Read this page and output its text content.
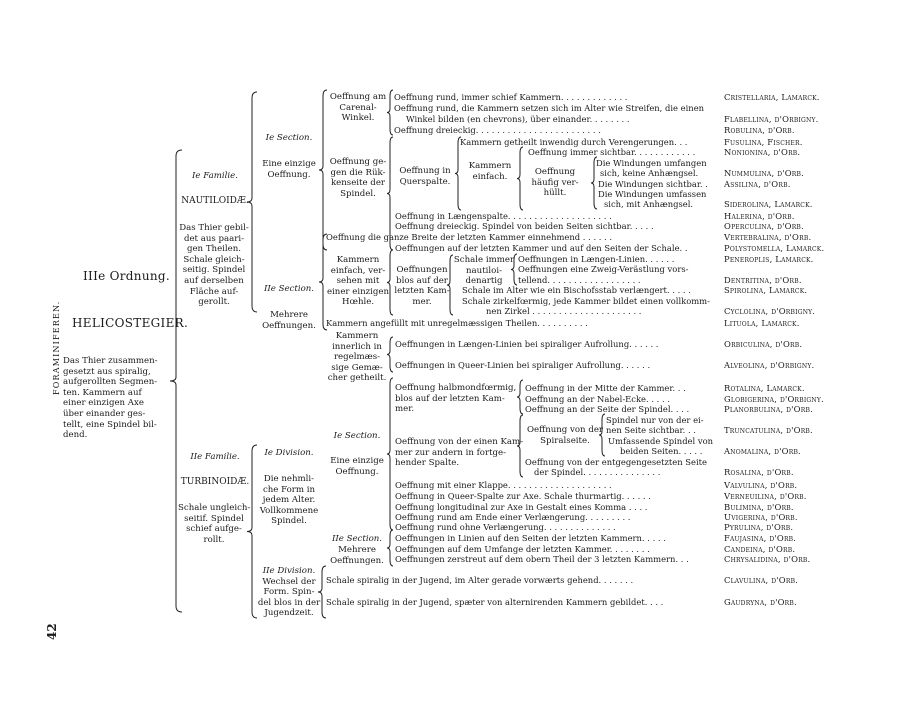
FORAMINIFEREN.
42
IIIe Ordnung.
HELICOSTEGIER.
Das Thier zusammen-
gesetzt aus spiralig,
aufgerollten Segmen-
ten. Kammern auf
einer einzigen Axe
über einander ges-
tellt, eine Spindel bil-
dend.
Ie Familie.
NAUTILOIDÆ.
Das Thier gebil-
det aus paari-
gen Theilen.
Schale gleich-
seitig. Spindel
auf derselben
Fläche auf-
gerollt.
IIe Familie.
TURBINOIDÆ.
Schale ungleich-
seitif. Spindel
schief aufge-
rollt.
Ie Section.
Eine einzige
Oeffnung.
IIe Section.
Mehrere
Oeffnungen.
Ie Division.
Die nehmli-
che Form in
jedem Alter.
Vollkommene
Spindel.
IIe Division.
Wechsel der
Form. Spin-
del blos in der
Jugendzeit.
Ie Section.
Eine einzige
Oeffnung.
IIe Section.
Mehrere
Oeffnungen.
Oeffnung am
Carenal-
Winkel.
Oeffnung ge-
gen die Rük-
kenseite der
Spindel.
Oeffnung in
Querspalte.
Kammern
einfach.	Oeffnung
häufig ver-
hüllt.
Kammern
einfach, ver-
sehen mit
einer einzigen
Hœhle.
Oeffnungen
blos auf der
letzten Kam-
mer.
Schale immer
nautiloi-
denartig
Kammern
innerlich in
regelmæs-
sige Gemæ-
cher getheilt.
Oeffnung halbmondfœrmig,
blos auf der letzten Kam-
mer.
Oeffnung von der einen Kam-
mer zur andern in fortge-
hender Spalte.
Oeffnung von der
Spiralseite.
Oeffnung rund, immer schief Kammern. . . . . . . . . . . . .	Cristellaria, Lamarck.
Oeffnung rund, die Kammern setzen sich im Alter wie Streifen, die einen
Winkel bilden (en chevrons), über einander. . . . . . . .	Flabellina, d'Orbigny.
Oeffnung dreieckig. . . . . . . . . . . . . . . . . . . . . . . .	Robulina, d'Orb.
Kammern getheilt inwendig durch Verengerungen. . .	Fusulina, Fischer.
Oeffnung immer sichtbar. . . . . . . . . . . .	Nonionina, d'Orb.
Die Windungen umfangen
sich, keine Anhængsel.	Nummulina, d'Orb.
Die Windungen sichtbar. . Assilina, d'Orb.
Die Windungen umfassen
sich, mit Anhængsel.	Siderolina, Lamarck.
Oeffnung in Længenspalte. . . . . . . . . . . . . . . . . . . .	Halerina, d'Orb.
Oeffnung dreieckig. Spindel von beiden Seiten sichtbar. . . . .	Operculina, d'Orb.
Oeffnung die ganze Breite der letzten Kammer einnehmend . . . . . .	Vertebralina, d'Orb.
Oeffnungen auf der letzten Kammer und auf den Seiten der Schale. .	Polystomella, Lamarck.
Oeffnungen in Længen-Linien. . . . . .	Peneroplis, Lamarck.
Oeffnungen eine Zweig-Verästlung vors-
tellend. . . . . . . . . . . . . . . . . .	Dentritina, d'Orb.
Schale im Alter wie ein Bischofsstab verlængert. . . . .	Spirolina, Lamarck.
Schale zirkelfœrmig, jede Kammer bildet einen vollkomm-
nen Zirkel . . . . . . . . . . . . . . . . . . . . .	Cyclolina, d'Orbigny.
Kammern angefüllt mit unregelmæssigen Theilen. . . . . . . . . .	Lituola, Lamarck.
Oeffnungen in Længen-Linien bei spiraliger Aufrollung. . . . . .	Orbiculina, d'Orb.
Oeffnungen in Queer-Linien bei spiraliger Aufrollung. . . . . .	Alveolina, d'Orbigny.
Oeffnung in der Mitte der Kammer. . .	Rotalina, Lamarck.
Oeffnung an der Nabel-Ecke. . . . .	Globigerina, d'Orbigny.
Oeffnung an der Seite der Spindel. . . .	Planorbulina, d'Orb.
Spindel nur von der ei-
nen Seite sichtbar. . .	Truncatulina, d'Orb.
Umfassende Spindel von
beiden Seiten. . . . .	Anomalina, d'Orb.
Oeffnung von der entgegengesetzten Seite
der Spindel. . . . . . . . . . . . . . .	Rosalina, d'Orb.
Oeffnung mit einer Klappe. . . . . . . . . . . . . . . . . . . .	Valvulina, d'Orb.
Oeffnung in Queer-Spalte zur Axe. Schale thurmartig. . . . . .	Verneuilina, d'Orb.
Oeffnung longitudinal zur Axe in Gestalt eines Komma . . . .	Bulimina, d'Orb.
Oeffnung rund am Ende einer Verlængerung. . . . . . . . .	Uvigerina, d'Orb.
Oeffnung rund ohne Verlængerung. . . . . . . . . . . . . .	Pyrulina, d'Orb.
Oeffnungen in Linien auf den Seiten der letzten Kammern. . . . .	Faujasina, d'Orb.
Oeffnungen auf dem Umfange der letzten Kammer. . . . . . . .	Candeina, d'Orb.
Oeffnungen zerstreut auf dem obern Theil der 3 letzten Kammern. . .	Chrysalidina, d'Orb.
Schale spiralig in der Jugend, im Alter gerade vorwærts gehend. . . . . . .	Clavulina, d'Orb.
Schale spiralig in der Jugend, spæter von alternirenden Kammern gebildet. . . .	Gaudryna, d'Orb.
